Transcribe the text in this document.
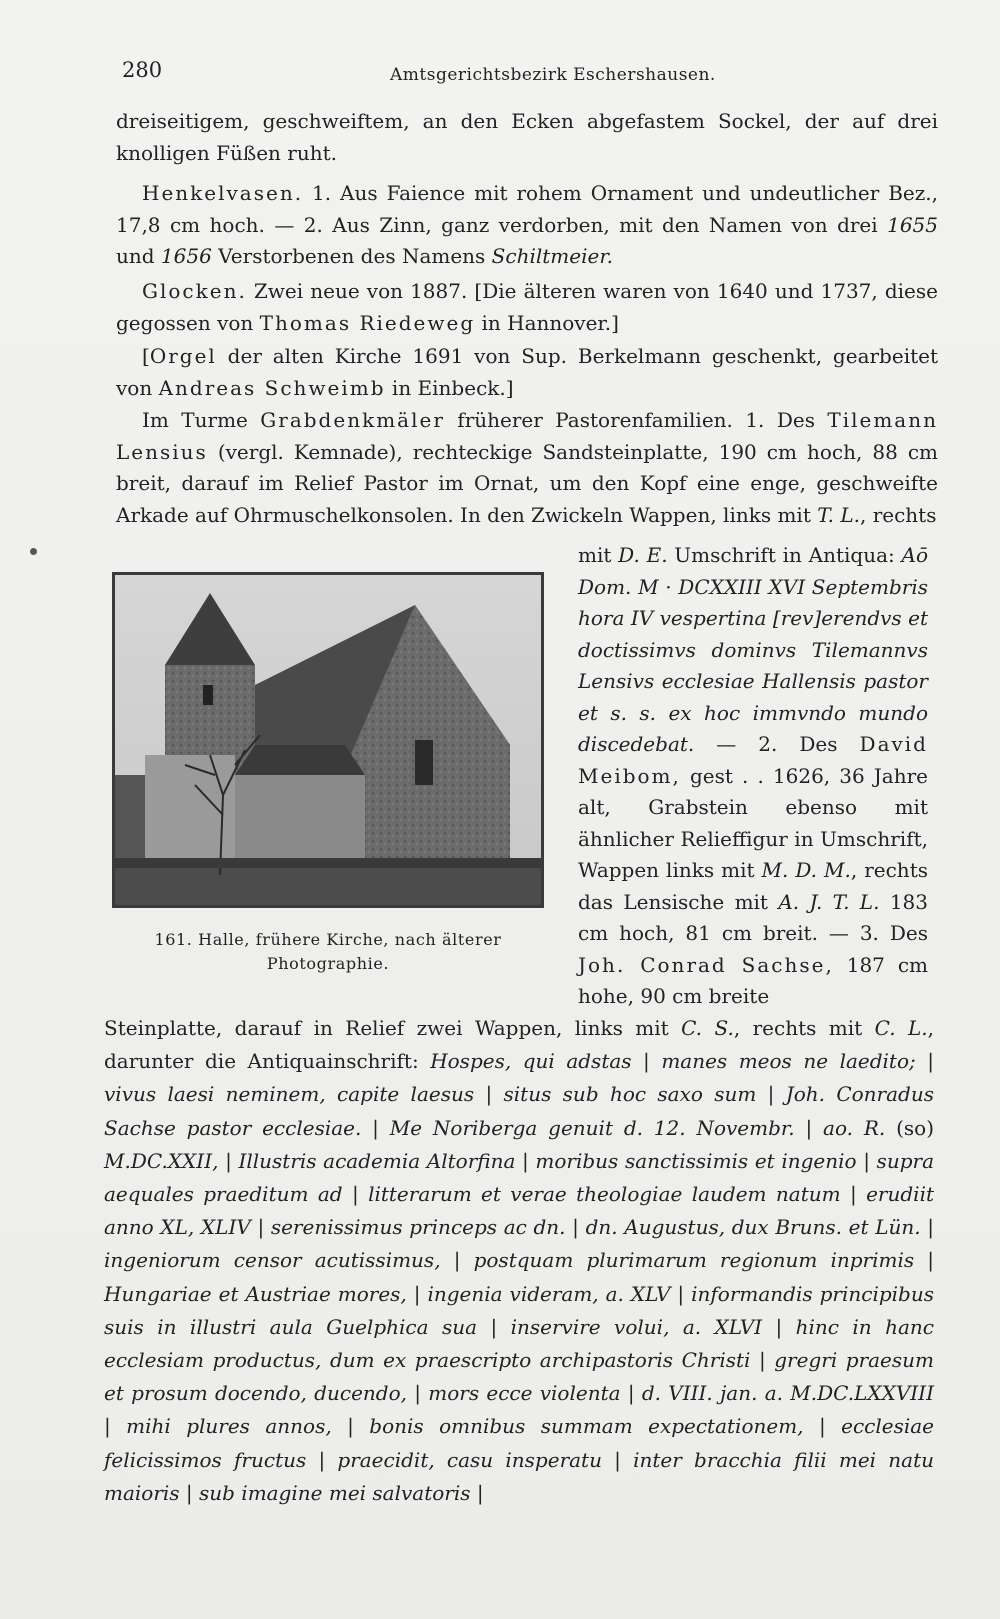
280	Amtsgerichtsbezirk Eschershausen.
dreiseitigem, geschweiftem, an den Ecken abgefastem Sockel, der auf drei knolligen Füßen ruht.
Henkelvasen. 1. Aus Faience mit rohem Ornament und undeutlicher Bez., 17,8 cm hoch. — 2. Aus Zinn, ganz verdorben, mit den Namen von drei 1655 und 1656 Verstorbenen des Namens Schiltmeier.
Glocken. Zwei neue von 1887. [Die älteren waren von 1640 und 1737, diese gegossen von Thomas Riedeweg in Hannover.]
[Orgel der alten Kirche 1691 von Sup. Berkelmann geschenkt, gearbeitet von Andreas Schweimb in Einbeck.]
Im Turme Grabdenkmäler früherer Pastorenfamilien. 1. Des Tilemann Lensius (vergl. Kemnade), rechteckige Sandsteinplatte, 190 cm hoch, 88 cm breit, darauf im Relief Pastor im Ornat, um den Kopf eine enge, geschweifte Arkade auf Ohrmuschelkonsolen. In den Zwickeln Wappen, links mit T. L., rechts
161. Halle, frühere Kirche, nach älterer Photographie.
mit D. E. Umschrift in Antiqua: Aō Dom. M · DCXXIII XVI Septembris hora IV vespertina [rev]erendvs et doctissimvs dominvs Tilemannvs Lensivs ecclesiae Hallensis pastor et s. s. ex hoc immvndo mundo discedebat. — 2. Des David Meibom, gest . . 1626, 36 Jahre alt, Grabstein ebenso mit ähnlicher Relieffigur in Umschrift, Wappen links mit M. D. M., rechts das Lensische mit A. J. T. L. 183 cm hoch, 81 cm breit. — 3. Des Joh. Conrad Sachse, 187 cm hohe, 90 cm breite
Steinplatte, darauf in Relief zwei Wappen, links mit C. S., rechts mit C. L., darunter die Antiquainschrift: Hospes, qui adstas | manes meos ne laedito; | vivus laesi neminem, capite laesus | situs sub hoc saxo sum | Joh. Conradus Sachse pastor ecclesiae. | Me Noriberga genuit d. 12. Novembr. | ao. R. (so) M.DC.XXII, | Illustris academia Altorfina | moribus sanctissimis et ingenio | supra aequales praeditum ad | litterarum et verae theologiae laudem natum | erudiit anno XL, XLIV | serenissimus princeps ac dn. | dn. Augustus, dux Bruns. et Lün. | ingeniorum censor acutissimus, | postquam plurimarum regionum inprimis | Hungariae et Austriae mores, | ingenia videram, a. XLV | informandis principibus suis in illustri aula Guelphica sua | inservire volui, a. XLVI | hinc in hanc ecclesiam productus, dum ex praescripto archipastoris Christi | gregri praesum et prosum docendo, ducendo, | mors ecce violenta | d. VIII. jan. a. M.DC.LXXVIII | mihi plures annos, | bonis omnibus summam expectationem, | ecclesiae felicissimos fructus | praecidit, casu insperatu | inter bracchia filii mei natu maioris | sub imagine mei salvatoris |
